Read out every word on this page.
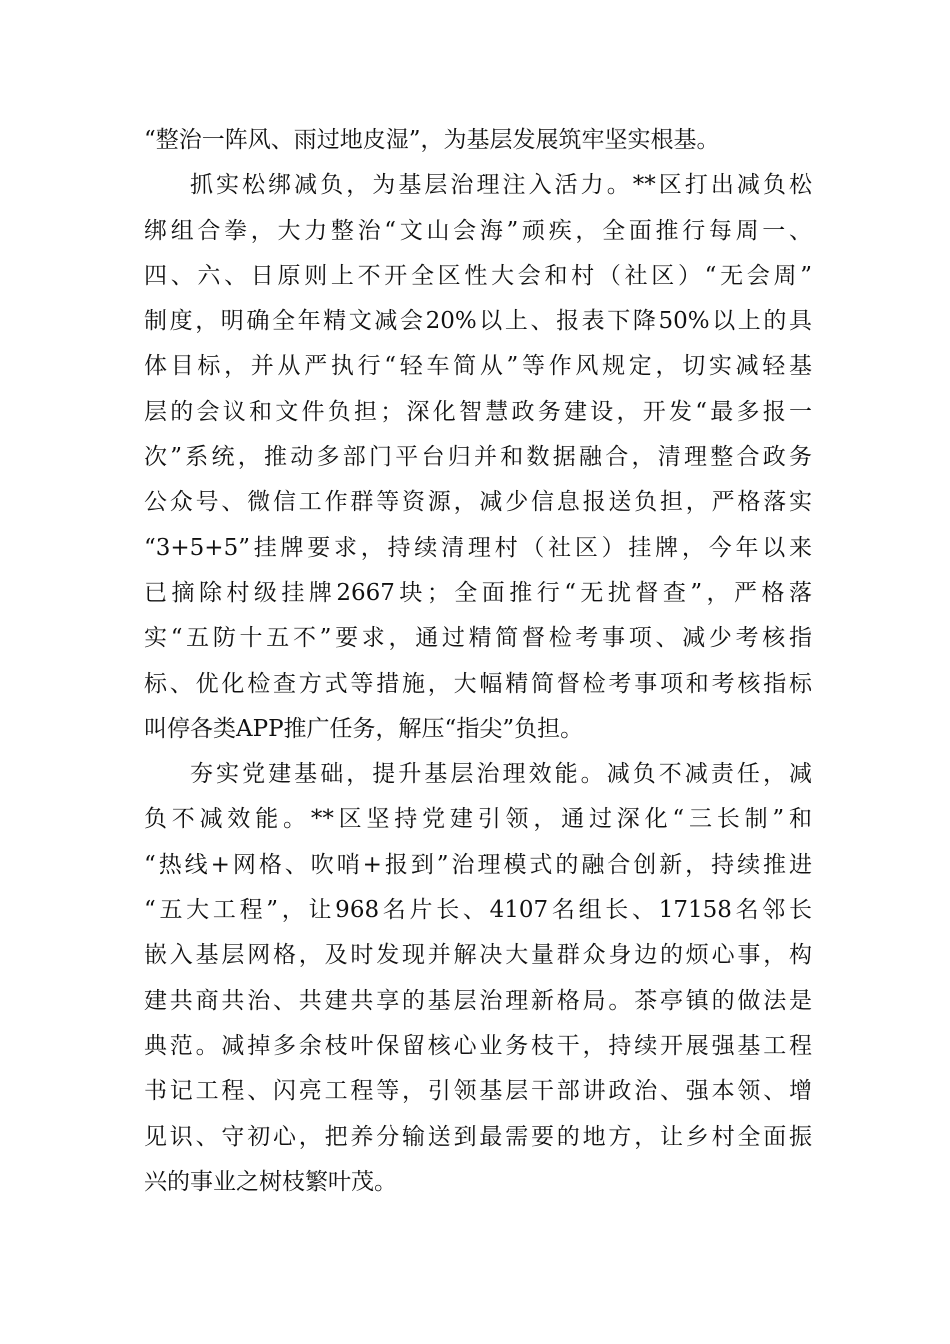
“整治一阵风、雨过地皮湿”，为基层发展筑牢坚实根基。
抓实松绑减负，为基层治理注入活力。**区打出减负松
绑组合拳，大力整治“文山会海”顽疾，全面推行每周一、
四、六、日原则上不开全区性大会和村（社区）“无会周”
制度，明确全年精文减会20%以上、报表下降50%以上的具
体目标，并从严执行“轻车简从”等作风规定，切实减轻基
层的会议和文件负担；深化智慧政务建设，开发“最多报一
次”系统，推动多部门平台归并和数据融合，清理整合政务
公众号、微信工作群等资源，减少信息报送负担，严格落实
“3+5+5”挂牌要求，持续清理村（社区）挂牌，今年以来
已摘除村级挂牌2667块；全面推行“无扰督查”，严格落
实“五防十五不”要求，通过精简督检考事项、减少考核指
标、优化检查方式等措施，大幅精简督检考事项和考核指标
叫停各类APP推广任务，解压“指尖”负担。
夯实党建基础，提升基层治理效能。减负不减责任，减
负不减效能。**区坚持党建引领，通过深化“三长制”和
“热线+网格、吹哨+报到”治理模式的融合创新，持续推进
“五大工程”，让968名片长、4107名组长、17158名邻长
嵌入基层网格，及时发现并解决大量群众身边的烦心事，构
建共商共治、共建共享的基层治理新格局。茶亭镇的做法是
典范。减掉多余枝叶保留核心业务枝干，持续开展强基工程
书记工程、闪亮工程等，引领基层干部讲政治、强本领、增
见识、守初心，把养分输送到最需要的地方，让乡村全面振
兴的事业之树枝繁叶茂。
